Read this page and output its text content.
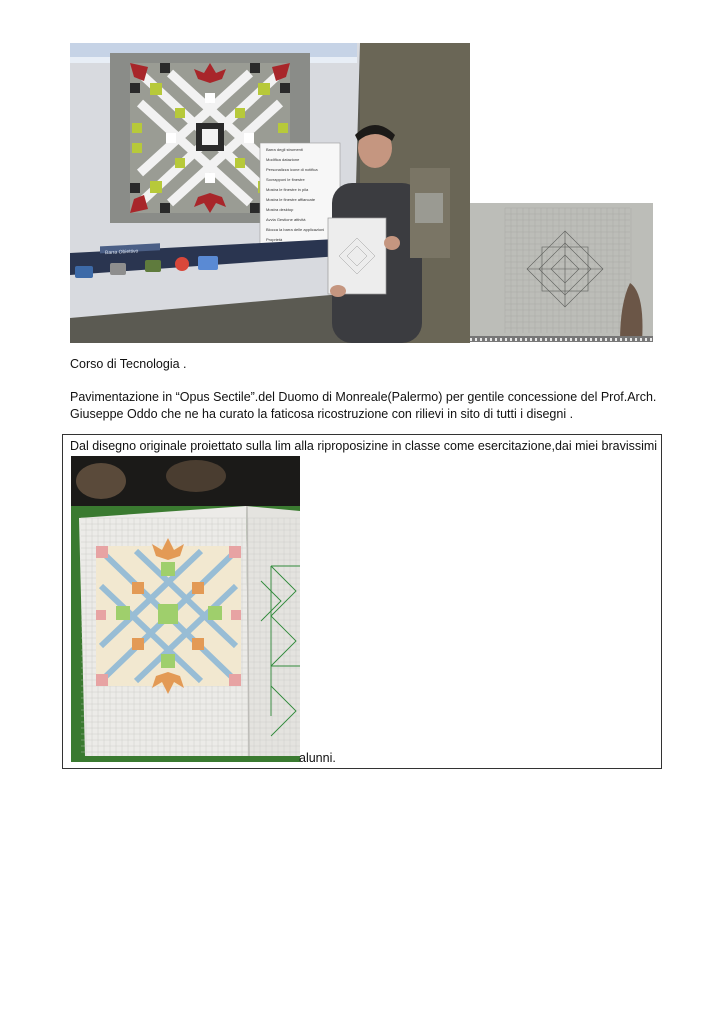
Barra degli strumenti
Modifica datazione
Personalizza icone di notifica
Sovrapponi le finestre
Mostra le finestre in pila
Mostra le finestre affiancate
Mostra desktop
Avvia Gestione attività
Blocca la barra delle applicazioni
Proprietà
Barra Obiettivo
Corso di Tecnologia .
Pavimentazione in “Opus Sectile”.del Duomo di Monreale(Palermo) per gentile concessione del Prof.Arch.
Giuseppe Oddo che ne ha curato la faticosa ricostruzione con rilievi in sito di tutti i disegni .
Dal disegno originale proiettato sulla lim alla riproposizine in classe come esercitazione,dai miei bravissimi
alunni.
